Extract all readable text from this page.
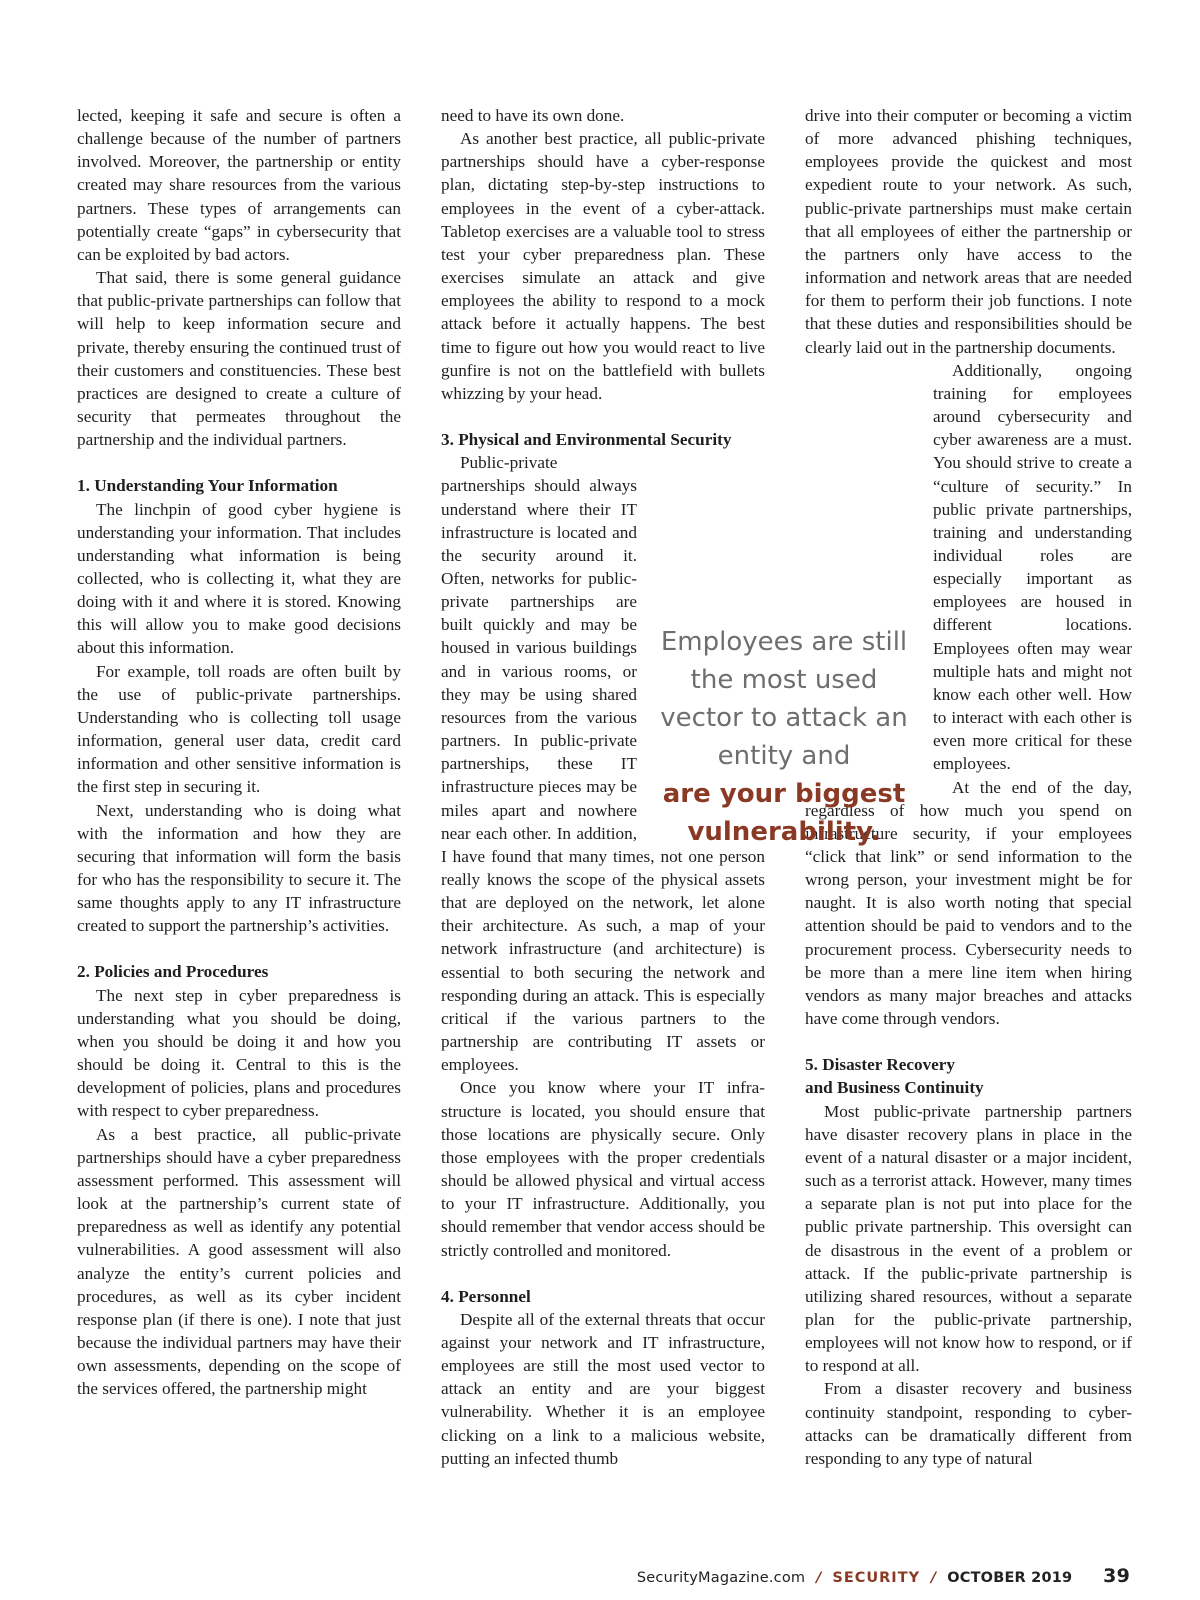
lected, keeping it safe and secure is often a challenge because of the number of partners involved. Moreover, the partnership or entity created may share resources from the various partners. These types of arrangements can potentially create “gaps” in cybersecurity that can be exploited by bad actors.

That said, there is some general guidance that public-private partnerships can follow that will help to keep information secure and private, thereby ensuring the continued trust of their customers and constituencies. These best practices are designed to create a culture of security that permeates throughout the partnership and the individual partners.

1. Understanding Your Information

The linchpin of good cyber hygiene is understanding your information. That includes understanding what information is being collected, who is collecting it, what they are doing with it and where it is stored. Knowing this will allow you to make good decisions about this information.

For example, toll roads are often built by the use of public-private partnerships. Understanding who is collecting toll usage information, general user data, credit card information and other sensitive information is the first step in securing it.

Next, understanding who is doing what with the information and how they are securing that information will form the basis for who has the responsibility to secure it. The same thoughts apply to any IT infrastructure created to support the partnership’s activities.

2. Policies and Procedures

The next step in cyber preparedness is understanding what you should be doing, when you should be doing it and how you should be doing it. Central to this is the development of policies, plans and procedures with respect to cyber preparedness.

As a best practice, all public-private partnerships should have a cyber preparedness assessment performed. This assessment will look at the partnership’s current state of preparedness as well as identify any potential vulnerabilities. A good assessment will also analyze the entity’s current policies and procedures, as well as its cyber incident response plan (if there is one). I note that just because the individual partners may have their own assessments, depending on the scope of the services offered, the partnership might

need to have its own done.

As another best practice, all public-private partnerships should have a cyber-response plan, dictating step-by-step instructions to employees in the event of a cyber-attack. Tabletop exercises are a valuable tool to stress test your cyber preparedness plan. These exercises simulate an attack and give employees the ability to respond to a mock attack before it actually happens. The best time to figure out how you would react to live gunfire is not on the battlefield with bullets whizzing by your head.

3. Physical and Environmental Security

Public-private partnerships should always understand where their IT infrastructure is located and the security around it. Often, networks for public-private partnerships are built quickly and may be housed in various buildings and in various rooms, or they may be using shared resources from the various partners. In public-private partnerships, these IT infrastructure pieces may be miles apart and nowhere near each other. In addition, I have found that many times, not one person really knows the scope of the physical assets that are deployed on the network, let alone their architecture. As such, a map of your network infrastructure (and architecture) is essential to both securing the network and responding during an attack. This is especially critical if the various partners to the partnership are contributing IT assets or employees.

Once you know where your IT infrastructure is located, you should ensure that those locations are physically secure. Only those employees with the proper credentials should be allowed physical and virtual access to your IT infrastructure. Additionally, you should remember that vendor access should be strictly controlled and monitored.

4. Personnel

Despite all of the external threats that occur against your network and IT infrastructure, employees are still the most used vector to attack an entity and are your biggest vulnerability. Whether it is an employee clicking on a link to a malicious website, putting an infected thumb

drive into their computer or becoming a victim of more advanced phishing techniques, employees provide the quickest and most expedient route to your network. As such, public-private partnerships must make certain that all employees of either the partnership or the partners only have access to the information and network areas that are needed for them to perform their job functions. I note that these duties and responsibilities should be clearly laid out in the partnership documents.

Additionally, ongoing training for employees around cybersecurity and cyber awareness are a must. You should strive to create a “culture of security.” In public private partnerships, training and understanding individual roles are especially important as employees are housed in different locations. Employees often may wear multiple hats and might not know each other well. How to interact with each other is even more critical for these employees.

At the end of the day, regardless of how much you spend on infrastructure security, if your employees “click that link” or send information to the wrong person, your investment might be for naught. It is also worth noting that special attention should be paid to vendors and to the procurement process. Cybersecurity needs to be more than a mere line item when hiring vendors as many major breaches and attacks have come through vendors.

5. Disaster Recovery
and Business Continuity

Most public-private partnership partners have disaster recovery plans in place in the event of a natural disaster or a major incident, such as a terrorist attack. However, many times a separate plan is not put into place for the public private partnership. This oversight can de disastrous in the event of a problem or attack. If the public-private partnership is utilizing shared resources, without a separate plan for the public-private partnership, employees will not know how to respond, or if to respond at all.

From a disaster recovery and business continuity standpoint, responding to cyber-attacks can be dramatically different from responding to any type of natural

Employees are still the most used vector to attack an entity and
are your biggest vulnerability.
SecurityMagazine.com / SECURITY / OCTOBER 2019 39
